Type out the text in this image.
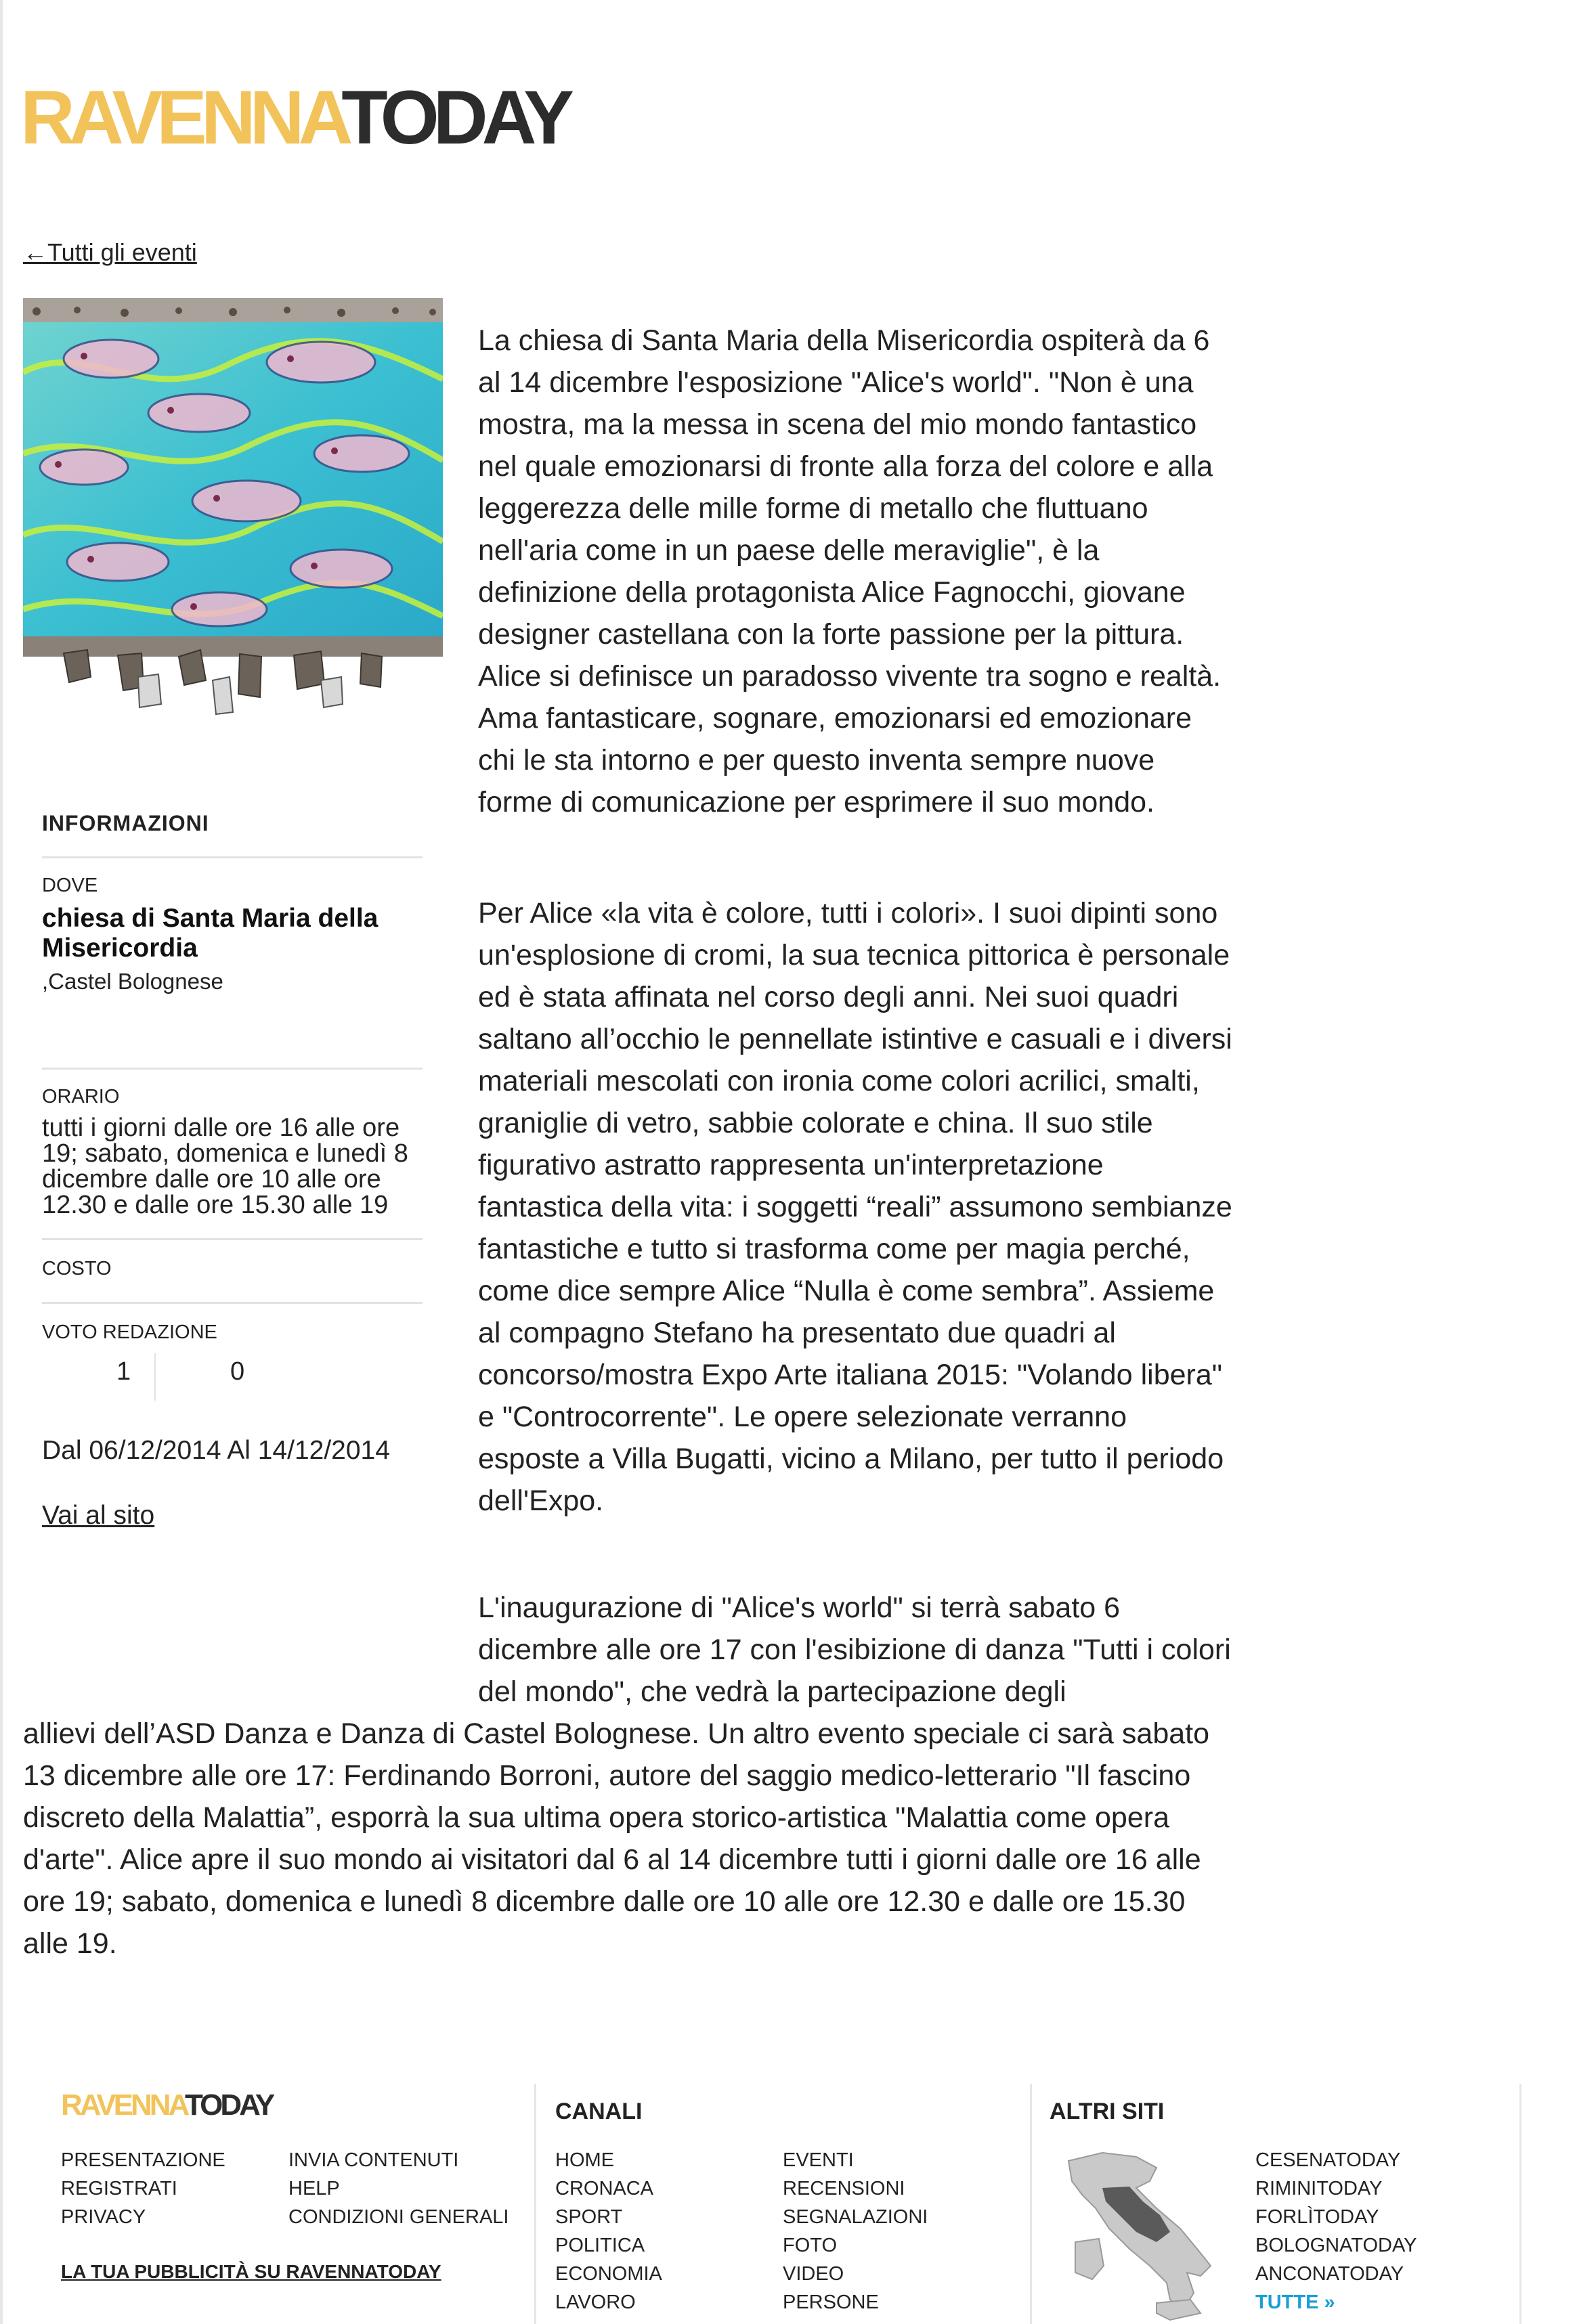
RAVENNATODAY
←Tutti gli eventi
INFORMAZIONI
DOVE
chiesa di Santa Maria della Misericordia
,Castel Bolognese
ORARIO
tutti i giorni dalle ore 16 alle ore 19; sabato, domenica e lunedì 8 dicembre dalle ore 10 alle ore 12.30 e dalle ore 15.30 alle 19
COSTO
VOTO REDAZIONE
1	0
Dal 06/12/2014 Al 14/12/2014
Vai al sito

La chiesa di Santa Maria della Misericordia ospiterà da 6 al 14 dicembre l'esposizione "Alice's world". "Non è una mostra, ma la messa in scena del mio mondo fantastico nel quale emozionarsi di fronte alla forza del colore e alla leggerezza delle mille forme di metallo che fluttuano nell'aria come in un paese delle meraviglie", è la definizione della protagonista Alice Fagnocchi, giovane designer castellana con la forte passione per la pittura. Alice si definisce un paradosso vivente tra sogno e realtà. Ama fantasticare, sognare, emozionarsi ed emozionare chi le sta intorno e per questo inventa sempre nuove forme di comunicazione per esprimere il suo mondo.

Per Alice «la vita è colore, tutti i colori». I suoi dipinti sono un'esplosione di cromi, la sua tecnica pittorica è personale ed è stata affinata nel corso degli anni. Nei suoi quadri saltano all’occhio le pennellate istintive e casuali e i diversi materiali mescolati con ironia come colori acrilici, smalti, graniglie di vetro, sabbie colorate e china. Il suo stile figurativo astratto rappresenta un'interpretazione fantastica della vita: i soggetti “reali” assumono sembianze fantastiche e tutto si trasforma come per magia perché, come dice sempre Alice “Nulla è come sembra”. Assieme al compagno Stefano ha presentato due quadri al concorso/mostra Expo Arte italiana 2015: "Volando libera" e "Controcorrente". Le opere selezionate verranno esposte a Villa Bugatti, vicino a Milano, per tutto il periodo dell'Expo.

L'inaugurazione di "Alice's world" si terrà sabato 6 dicembre alle ore 17 con l'esibizione di danza "Tutti i colori del mondo", che vedrà la partecipazione degli

allievi dell’ASD Danza e Danza di Castel Bolognese. Un altro evento speciale ci sarà sabato 13 dicembre alle ore 17: Ferdinando Borroni, autore del saggio medico-letterario "Il fascino discreto della Malattia”, esporrà la sua ultima opera storico-artistica "Malattia come opera d'arte". Alice apre il suo mondo ai visitatori dal 6 al 14 dicembre tutti i giorni dalle ore 16 alle ore 19; sabato, domenica e lunedì 8 dicembre dalle ore 10 alle ore 12.30 e dalle ore 15.30 alle 19.

RAVENNATODAY
PRESENTAZIONE
REGISTRATI
PRIVACY
INVIA CONTENUTI
HELP
CONDIZIONI GENERALI
LA TUA PUBBLICITÀ SU RAVENNATODAY
CANALI
HOME
CRONACA
SPORT
POLITICA
ECONOMIA
LAVORO
EVENTI
RECENSIONI
SEGNALAZIONI
FOTO
VIDEO
PERSONE
ALTRI SITI
CESENATODAY
RIMINITODAY
FORLÌTODAY
BOLOGNATODAY
ANCONATODAY
TUTTE »
